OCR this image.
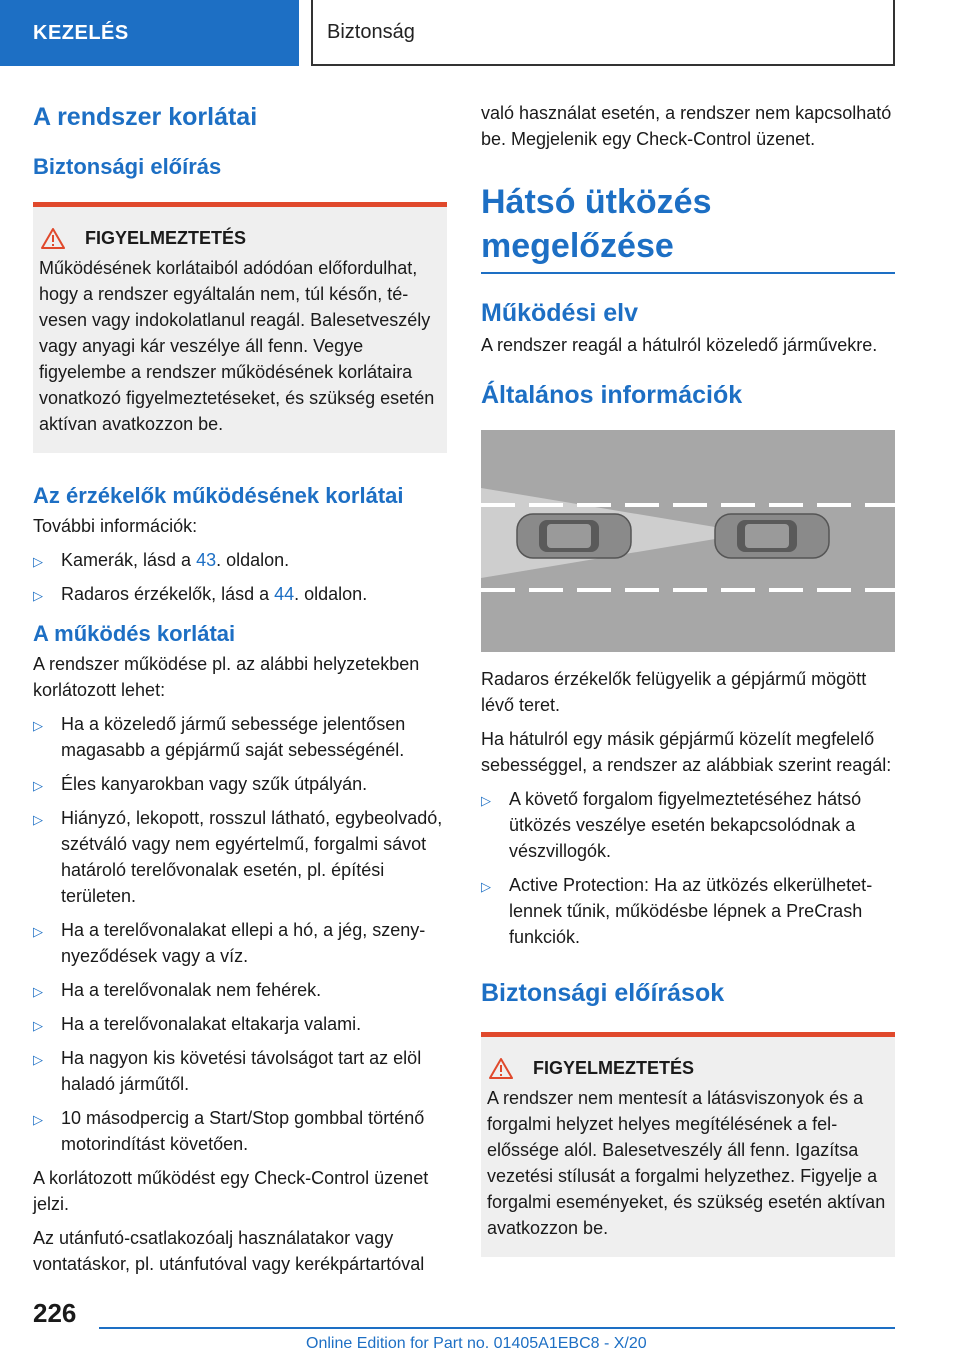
KEZELÉS	Biztonság
A rendszer korlátai
Biztonsági előírás
FIGYELMEZTETÉS

Működésének korlátaiból adódóan előfordulhat, hogy a rendszer egyáltalán nem, túl későn, tévesen vagy indokolatlanul reagál. Balesetveszély vagy anyagi kár veszélye áll fenn. Vegye figyelembe a rendszer működésének korlátaira vonatkozó figyelmeztetéseket, és szükség esetén aktívan avatkozzon be.

Az érzékelők működésének korlátai

További információk:

▷ Kamerák, lásd a 43. oldalon.
▷ Radaros érzékelők, lásd a 44. oldalon.
A működés korlátai

A rendszer működése pl. az alábbi helyzetekben korlátozott lehet:

▷ Ha a közeledő jármű sebessége jelentősen magasabb a gépjármű saját sebességénél.
▷ Éles kanyarokban vagy szűk útpályán.
▷ Hiányzó, lekopott, rosszul látható, egybeolvadó, szétváló vagy nem egyértelmű, forgalmi sávot határoló terelővonalak esetén, pl. építési területen.
▷ Ha a terelővonalakat ellepi a hó, a jég, szenynyeződések vagy a víz.
▷ Ha a terelővonalak nem fehérek.
▷ Ha a terelővonalakat eltakarja valami.
▷ Ha nagyon kis követési távolságot tart az elöl haladó járműtől.
▷ 10 másodpercig a Start/Stop gombbal történő motorindítást követően.

A korlátozott működést egy Check-Control üzenet jelzi.

Az utánfutó-csatlakozóalj használatakor vagy vontatáskor, pl. utánfutóval vagy kerékpártartóval

való használat esetén, a rendszer nem kapcsolható be. Megjelenik egy Check-Control üzenet.

Hátsó ütközés megelőzése
Működési elv

A rendszer reagál a hátulról közeledő járművekre.

Általános információk

Radaros érzékelők felügyelik a gépjármű mögött lévő teret.

Ha hátulról egy másik gépjármű közelít megfelelő sebességgel, a rendszer az alábbiak szerint reagál:

▷ A követő forgalom figyelmeztetéséhez hátsó ütközés veszélye esetén bekapcsolódnak a vészvillogók.
▷ Active Protection: Ha az ütközés elkerülhetetlennek tűnik, működésbe lépnek a PreCrash funkciók.
Biztonsági előírások
FIGYELMEZTETÉS

A rendszer nem mentesít a látásviszonyok és a forgalmi helyzet helyes megítélésének a felelőssége alól. Balesetveszély áll fenn. Igazítsa vezetési stílusát a forgalmi helyzethez. Figyelje a forgalmi eseményeket, és szükség esetén aktívan avatkozzon be.

226
Online Edition for Part no. 01405A1EBC8 - X/20
